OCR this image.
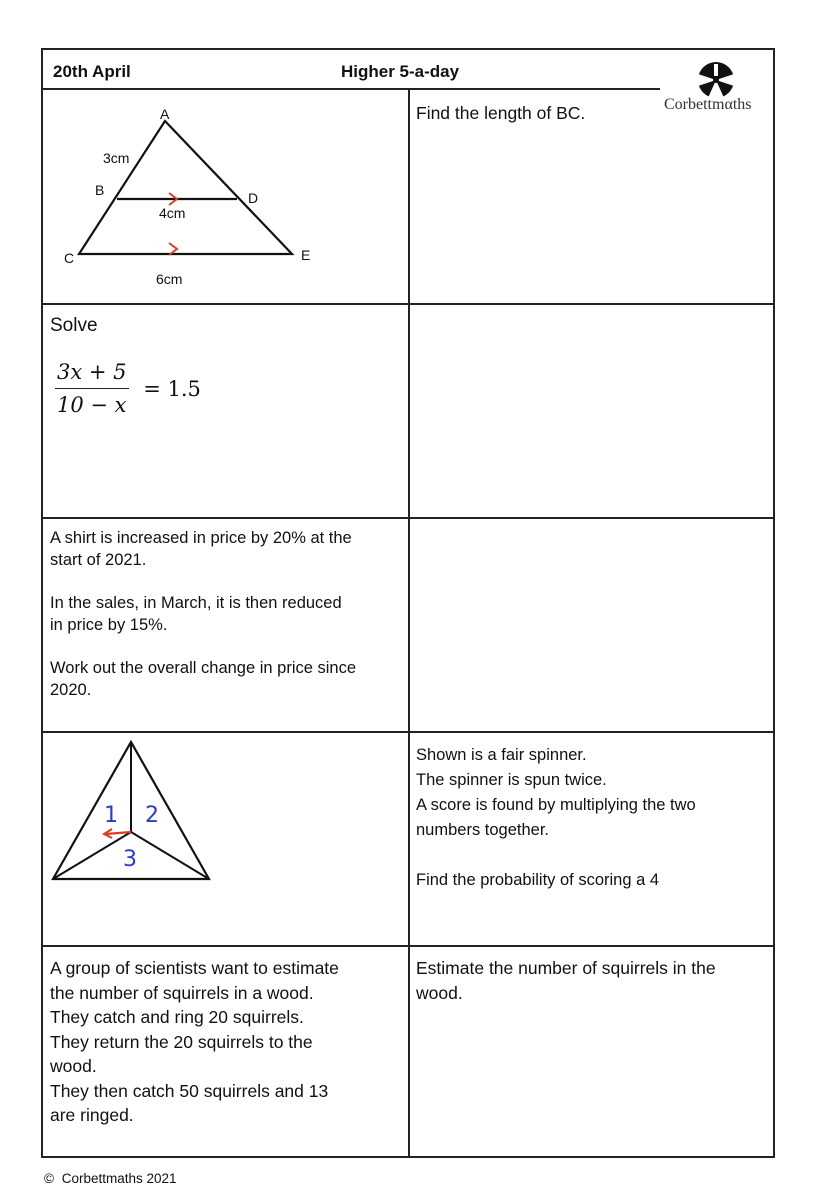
20th April	Higher 5-a-day
Corbettmαths
A
B
C
D
E
3cm
4cm
6cm
Find the length of BC.
Solve
$\frac{3x + 5}{10 - x} = 1.5$
A shirt is increased in price by 20% at the
start of 2021.
In the sales, in March, it is then reduced
in price by 15%.
Work out the overall change in price since
2020.
1 2
3
Shown is a fair spinner.
The spinner is spun twice.
A score is found by multiplying the two
numbers together.
Find the probability of scoring a 4
A group of scientists want to estimate
the number of squirrels in a wood.
They catch and ring 20 squirrels.
They return the 20 squirrels to the
wood.
They then catch 50 squirrels and 13
are ringed.
Estimate the number of squirrels in the
wood.
© Corbettmaths 2021
